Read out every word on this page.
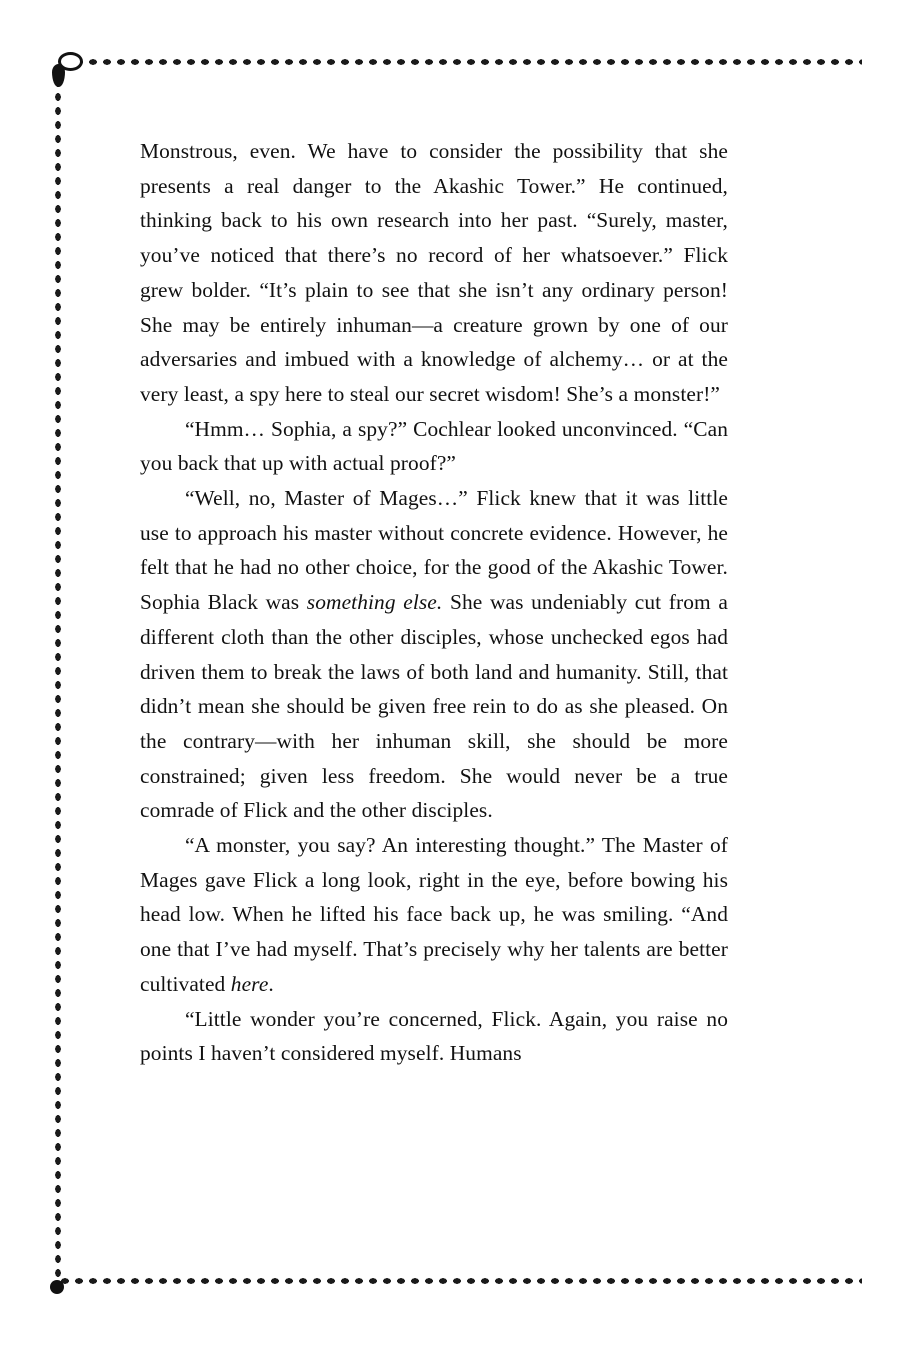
Monstrous, even. We have to consider the possibility that she presents a real danger to the Akashic Tower.” He continued, thinking back to his own research into her past. “Surely, master, you’ve noticed that there’s no record of her whatsoever.” Flick grew bolder. “It’s plain to see that she isn’t any ordinary person! She may be entirely inhuman—a creature grown by one of our adversaries and imbued with a knowledge of alchemy… or at the very least, a spy here to steal our secret wisdom! She’s a monster!”

“Hmm… Sophia, a spy?” Cochlear looked unconvinced. “Can you back that up with actual proof?”

“Well, no, Master of Mages…” Flick knew that it was little use to approach his master without concrete evidence. However, he felt that he had no other choice, for the good of the Akashic Tower. Sophia Black was something else. She was undeniably cut from a different cloth than the other disciples, whose unchecked egos had driven them to break the laws of both land and humanity. Still, that didn’t mean she should be given free rein to do as she pleased. On the contrary—with her inhuman skill, she should be more constrained; given less freedom. She would never be a true comrade of Flick and the other disciples.

“A monster, you say? An interesting thought.” The Master of Mages gave Flick a long look, right in the eye, before bowing his head low. When he lifted his face back up, he was smiling. “And one that I’ve had myself. That’s precisely why her talents are better cultivated here.

“Little wonder you’re concerned, Flick. Again, you raise no points I haven’t considered myself. Humans
